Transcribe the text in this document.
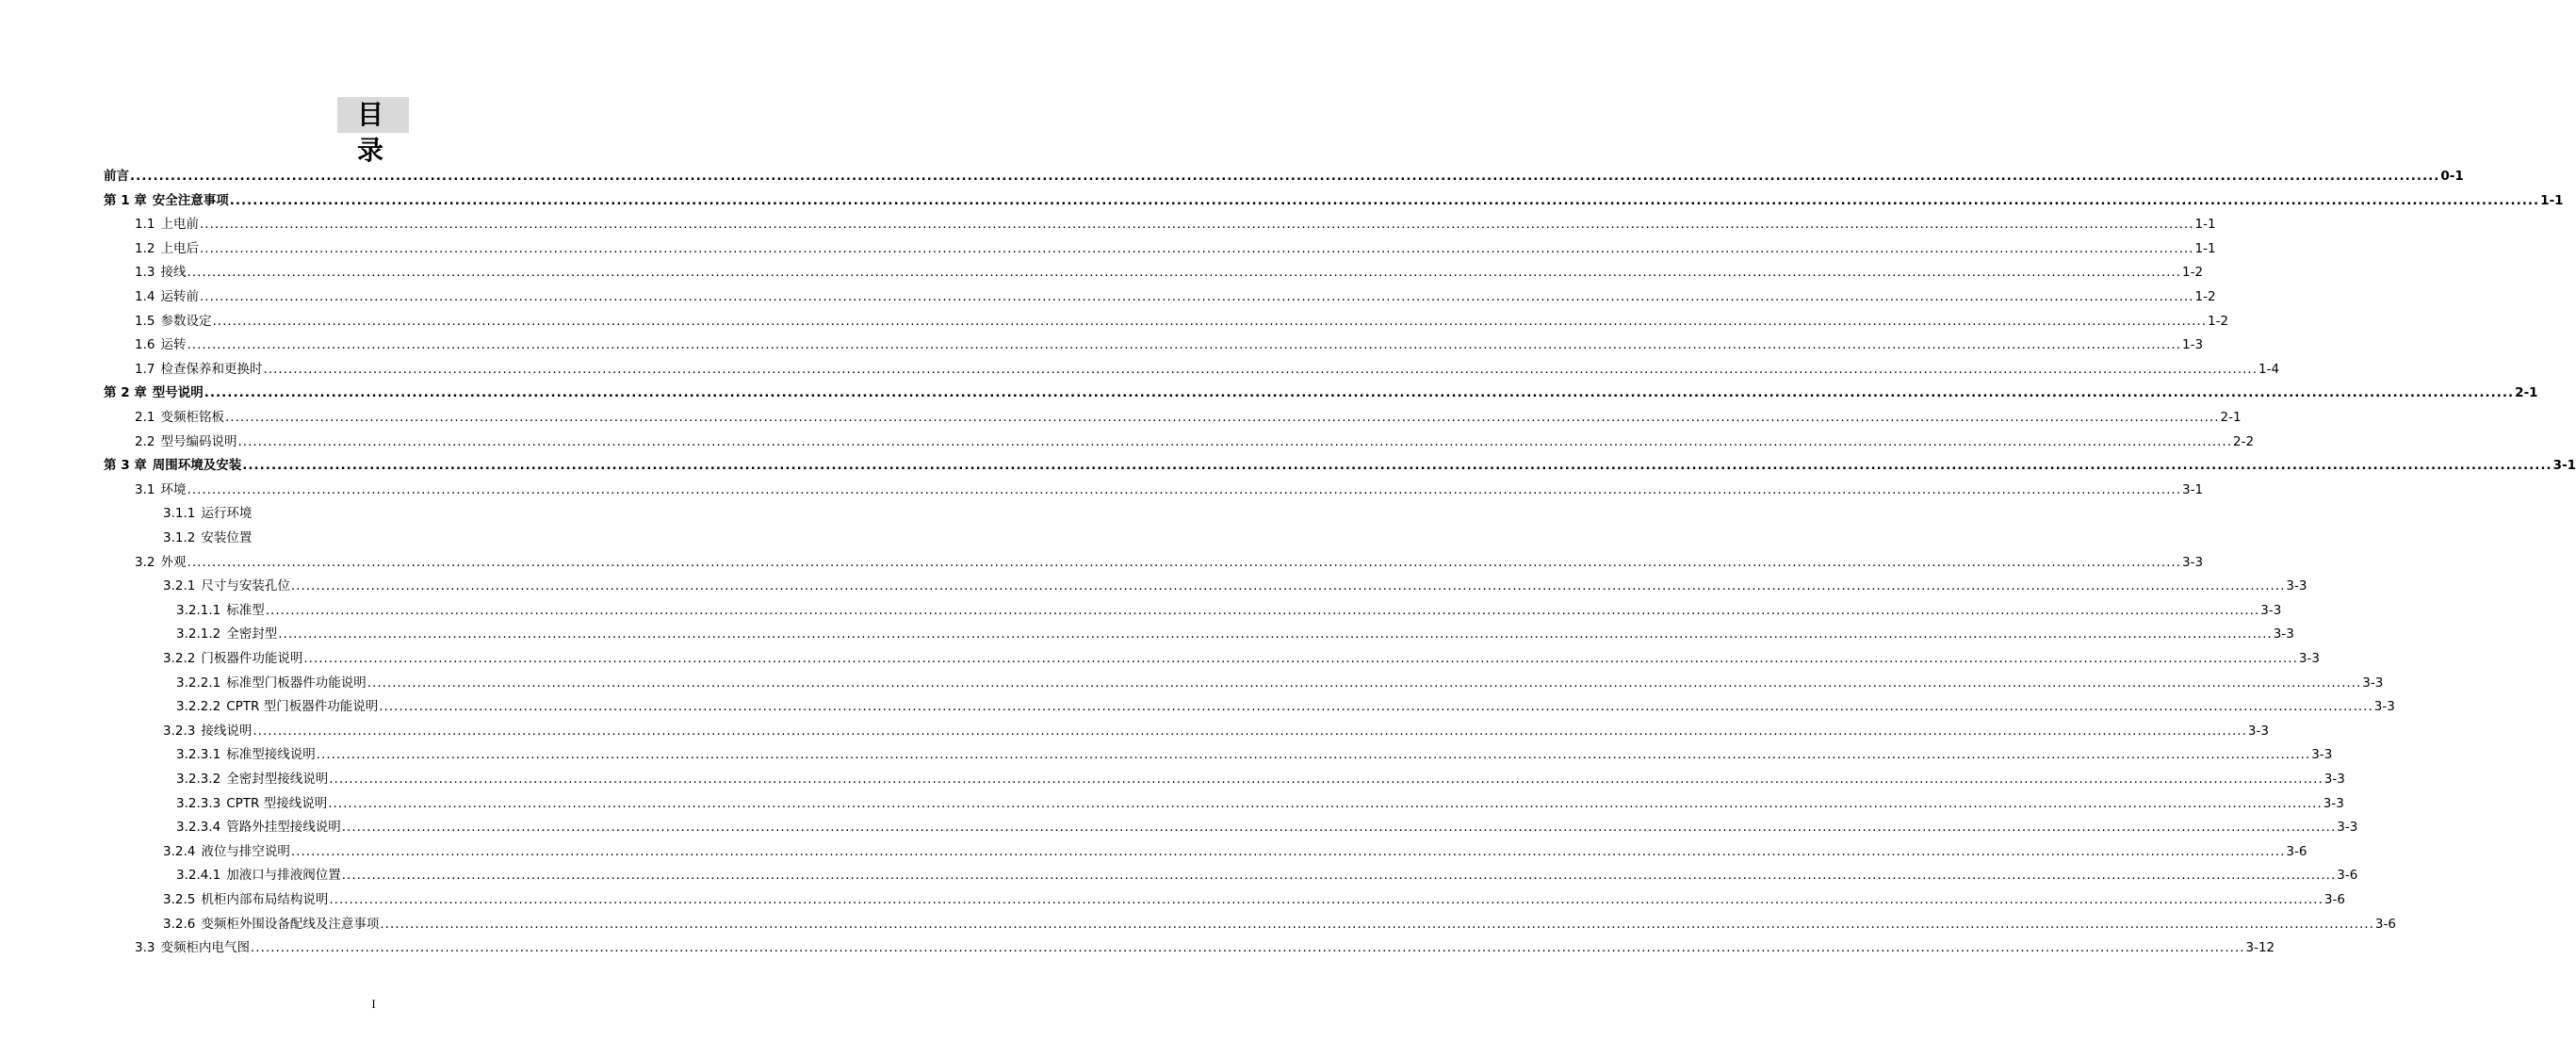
目 录
前言 ................................................................................................................................................................................................................................................................................................................................................................................................................ 0-1
第 1 章 安全注意事项 ................................................................................................................................................................................................................................................................................................................................................................................................................ 1-1
1.1 上电前 ................................................................................................................................................................................................................................................................................................................................................................................................................ 1-1
1.2 上电后 ................................................................................................................................................................................................................................................................................................................................................................................................................ 1-1
1.3 接线 ................................................................................................................................................................................................................................................................................................................................................................................................................ 1-2
1.4 运转前 ................................................................................................................................................................................................................................................................................................................................................................................................................ 1-2
1.5 参数设定 ................................................................................................................................................................................................................................................................................................................................................................................................................ 1-2
1.6 运转 ................................................................................................................................................................................................................................................................................................................................................................................................................ 1-3
1.7 检查保养和更换时 ................................................................................................................................................................................................................................................................................................................................................................................................................ 1-4
第 2 章 型号说明 ................................................................................................................................................................................................................................................................................................................................................................................................................ 2-1
2.1 变频柜铭板 ................................................................................................................................................................................................................................................................................................................................................................................................................ 2-1
2.2 型号编码说明 ................................................................................................................................................................................................................................................................................................................................................................................................................ 2-2
第 3 章 周围环境及安装 ................................................................................................................................................................................................................................................................................................................................................................................................................ 3-1
3.1 环境 ................................................................................................................................................................................................................................................................................................................................................................................................................ 3-1
3.1.1 运行环境
3.1.2 安装位置
3.2 外观 ................................................................................................................................................................................................................................................................................................................................................................................................................ 3-3
3.2.1 尺寸与安装孔位 ................................................................................................................................................................................................................................................................................................................................................................................................................ 3-3
3.2.1.1 标准型 ................................................................................................................................................................................................................................................................................................................................................................................................................ 3-3
3.2.1.2 全密封型 ................................................................................................................................................................................................................................................................................................................................................................................................................ 3-3
3.2.2 门板器件功能说明 ................................................................................................................................................................................................................................................................................................................................................................................................................ 3-3
3.2.2.1 标准型门板器件功能说明 ................................................................................................................................................................................................................................................................................................................................................................................................................ 3-3
3.2.2.2 CPTR 型门板器件功能说明 ................................................................................................................................................................................................................................................................................................................................................................................................................ 3-3
3.2.3 接线说明 ................................................................................................................................................................................................................................................................................................................................................................................................................ 3-3
3.2.3.1 标准型接线说明 ................................................................................................................................................................................................................................................................................................................................................................................................................ 3-3
3.2.3.2 全密封型接线说明 ................................................................................................................................................................................................................................................................................................................................................................................................................ 3-3
3.2.3.3 CPTR 型接线说明 ................................................................................................................................................................................................................................................................................................................................................................................................................ 3-3
3.2.3.4 管路外挂型接线说明 ................................................................................................................................................................................................................................................................................................................................................................................................................ 3-3
3.2.4 液位与排空说明 ................................................................................................................................................................................................................................................................................................................................................................................................................ 3-6
3.2.4.1 加液口与排液阀位置 ................................................................................................................................................................................................................................................................................................................................................................................................................ 3-6
3.2.5 机柜内部布局结构说明 ................................................................................................................................................................................................................................................................................................................................................................................................................ 3-6
3.2.6 变频柜外围设备配线及注意事项 ................................................................................................................................................................................................................................................................................................................................................................................................................ 3-6
3.3 变频柜内电气图 ................................................................................................................................................................................................................................................................................................................................................................................................................ 3-12
I
